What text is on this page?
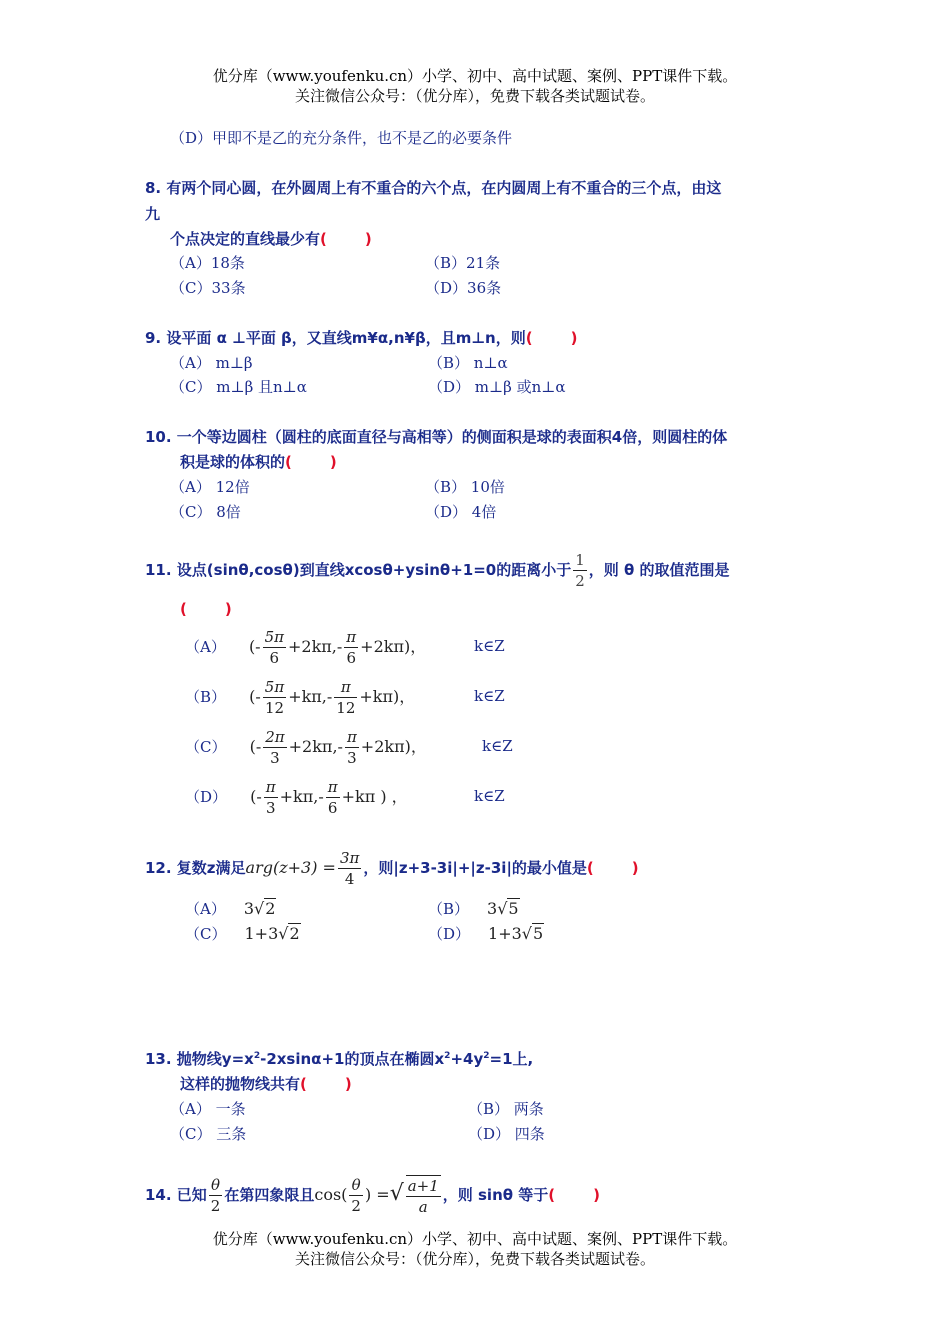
优分库（www.youfenku.cn）小学、初中、高中试题、案例、PPT课件下载。
关注微信公众号：（优分库），免费下载各类试题试卷。
（D）甲即不是乙的充分条件，也不是乙的必要条件
8. 有两个同心圆，在外圆周上有不重合的六个点，在内圆周上有不重合的三个点，由这
九
个点决定的直线最少有(	)
（A）18条	（B）21条
（C）33条	（D）36条
9. 设平面 α ⊥平面 β，又直线m¥α,n¥β，且m⊥n，则(	)
（A） m⊥β	（B） n⊥α
（C） m⊥β 且n⊥α	（D） m⊥β 或n⊥α
10. 一个等边圆柱（圆柱的底面直径与高相等）的侧面积是球的表面积4倍，则圆柱的体
积是球的体积的(	)
（A） 12倍	（B） 10倍
（C） 8倍	（D） 4倍
11. 设点(sinθ,cosθ)到直线xcosθ+ysinθ+1=0的距离小于 $\frac{1}{2}$ ，则 θ 的取值范围是
(	)
（A） (- $\frac{5\pi}{6} +2k\pi,- \frac{\pi}{6} +2k\pi$)，	k∈Z
（B） (- $\frac{5\pi}{12} +k\pi,- \frac{\pi}{12} +k\pi$)，	k∈Z
（C） (- $\frac{2\pi}{3} +2k\pi,- \frac{\pi}{3} +2k\pi$)，	k∈Z
（D） (- $\frac{\pi}{3} +k\pi,- \frac{\pi}{6} +k\pi$ ) ，	k∈Z
12. 复数z满足$arg(z+3) = \frac{3\pi}{4}$ ，则|z+3-3i|+|z-3i|的最小值是(	)
（A） 3√2	（B） 3√5
（C） 1+3√2	（D） 1+3√5
13. 抛物线$y=x^2-2xsin\alpha+1$的顶点在椭圆$x^2+4y^2=1$上,
这样的抛物线共有(	)
（A） 一条	（B） 两条
（C） 三条	（D） 四条
14. 已知 $\frac{\theta}{2}$ 在第四象限且$\cos( \frac{\theta}{2}$ ) =√ $\frac{a+1}{a}$ ，则 sinθ 等于(	)
优分库（www.youfenku.cn）小学、初中、高中试题、案例、PPT课件下载。
关注微信公众号：（优分库），免费下载各类试题试卷。
